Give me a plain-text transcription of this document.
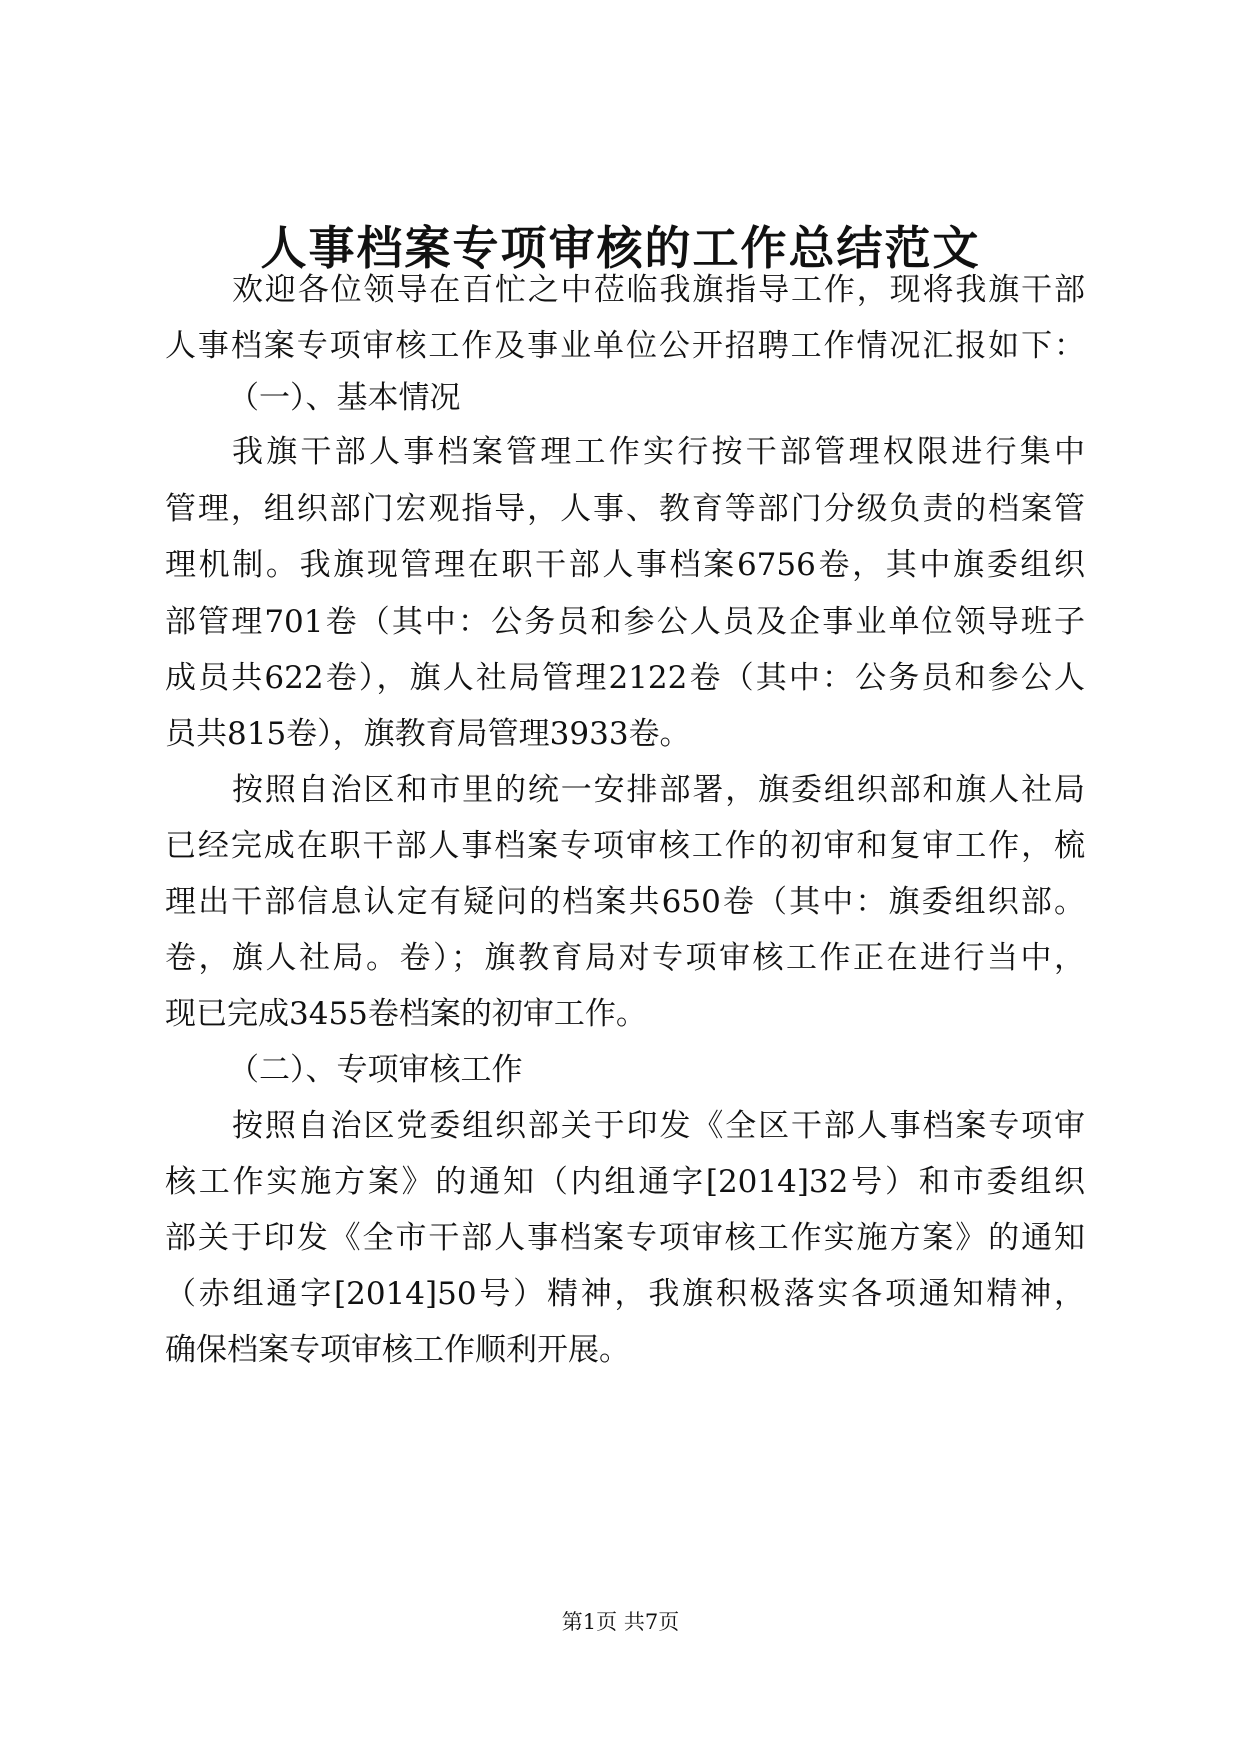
人事档案专项审核的工作总结范文

欢迎各位领导在百忙之中莅临我旗指导工作，现将我旗干部

人事档案专项审核工作及事业单位公开招聘工作情况汇报如下：

（一）、基本情况

我旗干部人事档案管理工作实行按干部管理权限进行集中

管理，组织部门宏观指导，人事、教育等部门分级负责的档案管

理机制。我旗现管理在职干部人事档案6756卷，其中旗委组织

部管理701卷（其中：公务员和参公人员及企事业单位领导班子

成员共622卷），旗人社局管理2122卷（其中：公务员和参公人

员共815卷），旗教育局管理3933卷。

按照自治区和市里的统一安排部署，旗委组织部和旗人社局

已经完成在职干部人事档案专项审核工作的初审和复审工作，梳

理出干部信息认定有疑问的档案共650卷（其中：旗委组织部。

卷，旗人社局。卷）；旗教育局对专项审核工作正在进行当中，

现已完成3455卷档案的初审工作。

（二）、专项审核工作

按照自治区党委组织部关于印发《全区干部人事档案专项审

核工作实施方案》的通知（内组通字[2014]32号）和市委组织

部关于印发《全市干部人事档案专项审核工作实施方案》的通知

（赤组通字[2014]50号）精神，我旗积极落实各项通知精神，

确保档案专项审核工作顺利开展。

第1页 共7页
